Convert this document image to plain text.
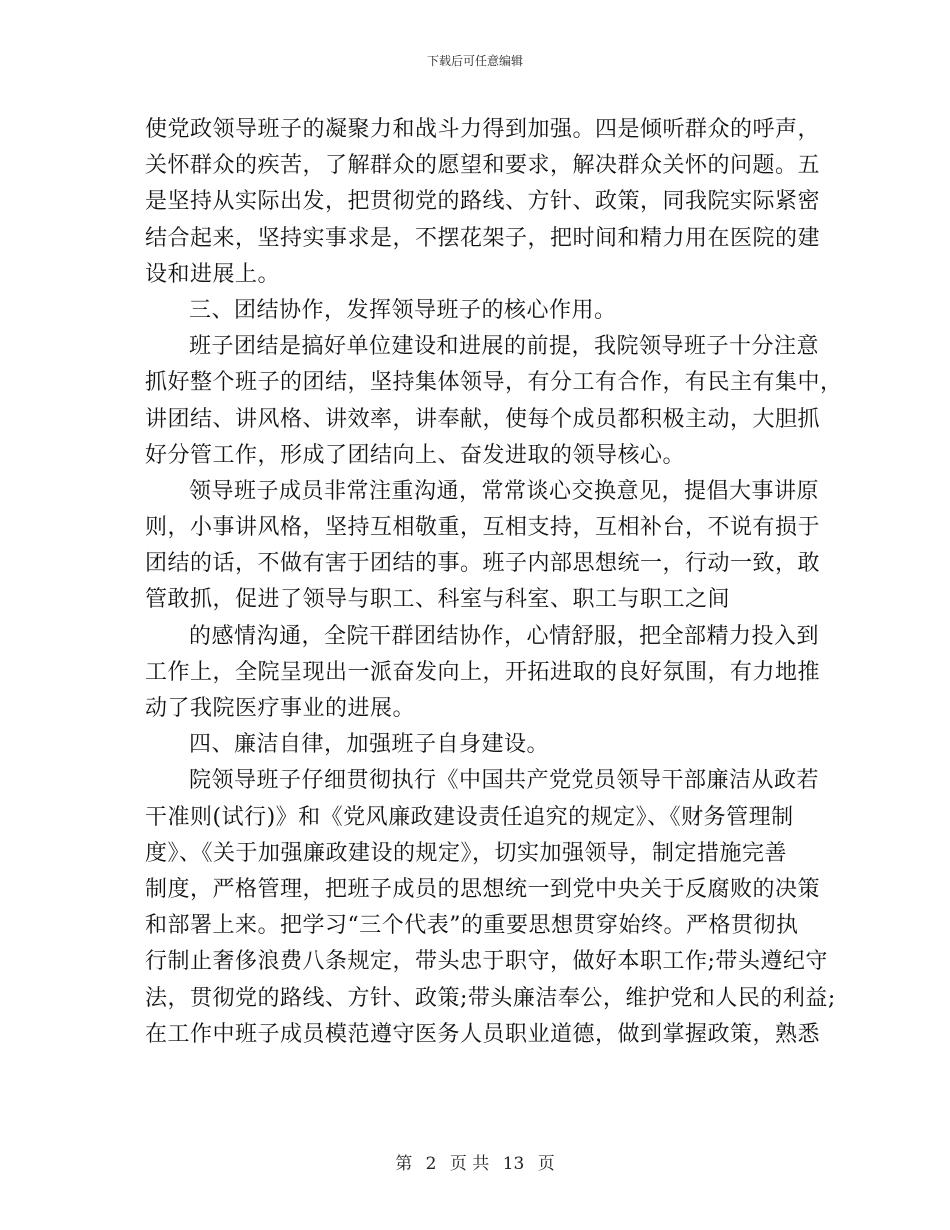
下载后可任意编辑
使党政领导班子的凝聚力和战斗力得到加强。四是倾听群众的呼声，
关怀群众的疾苦，了解群众的愿望和要求，解决群众关怀的问题。五
是坚持从实际出发，把贯彻党的路线、方针、政策，同我院实际紧密
结合起来，坚持实事求是，不摆花架子，把时间和精力用在医院的建
设和进展上。
三、团结协作，发挥领导班子的核心作用。
班子团结是搞好单位建设和进展的前提，我院领导班子十分注意
抓好整个班子的团结，坚持集体领导，有分工有合作，有民主有集中，
讲团结、讲风格、讲效率，讲奉献，使每个成员都积极主动，大胆抓
好分管工作，形成了团结向上、奋发进取的领导核心。
领导班子成员非常注重沟通，常常谈心交换意见，提倡大事讲原
则，小事讲风格，坚持互相敬重，互相支持，互相补台，不说有损于
团结的话，不做有害于团结的事。班子内部思想统一，行动一致，敢
管敢抓，促进了领导与职工、科室与科室、职工与职工之间
的感情沟通，全院干群团结协作，心情舒服，把全部精力投入到
工作上，全院呈现出一派奋发向上，开拓进取的良好氛围，有力地推
动了我院医疗事业的进展。
四、廉洁自律，加强班子自身建设。
院领导班子仔细贯彻执行《中国共产党党员领导干部廉洁从政若
干准则(试行)》和《党风廉政建设责任追究的规定》、《财务管理制
度》、《关于加强廉政建设的规定》，切实加强领导，制定措施完善
制度，严格管理，把班子成员的思想统一到党中央关于反腐败的决策
和部署上来。把学习“三个代表”的重要思想贯穿始终。严格贯彻执
行制止奢侈浪费八条规定，带头忠于职守，做好本职工作;带头遵纪守
法，贯彻党的路线、方针、政策;带头廉洁奉公，维护党和人民的利益;
在工作中班子成员模范遵守医务人员职业道德，做到掌握政策，熟悉
第 2 页 共 13 页
